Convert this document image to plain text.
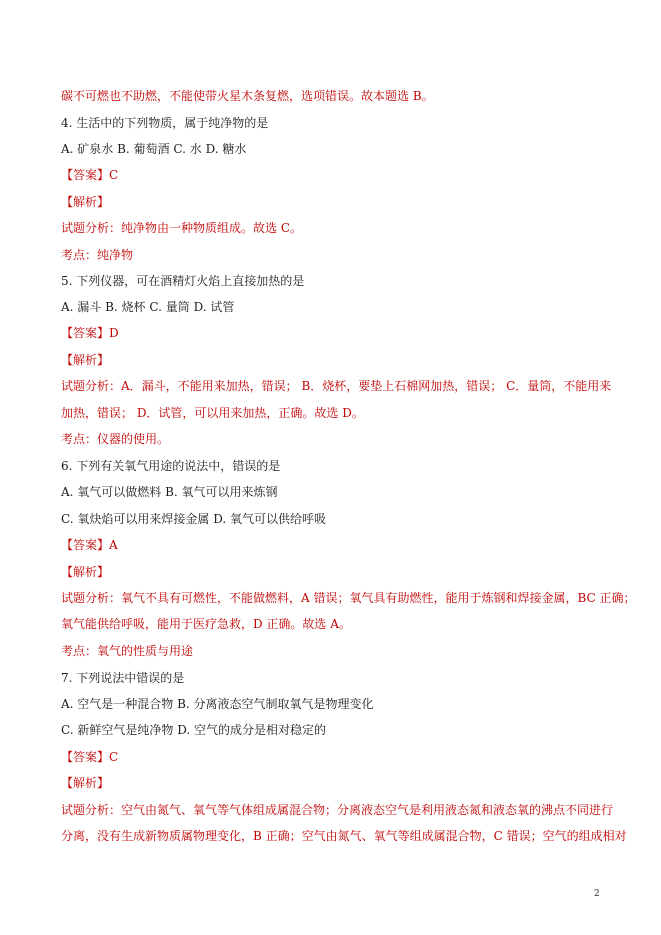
碳不可燃也不助燃，不能使带火星木条复燃，选项错误。故本题选 B。
4. 生活中的下列物质，属于纯净物的是
A. 矿泉水 B. 葡萄酒 C. 水 D. 糖水
【答案】C
【解析】
试题分析：纯净物由一种物质组成。故选 C。
考点：纯净物
5. 下列仪器，可在酒精灯火焰上直接加热的是
A. 漏斗 B. 烧杯 C. 量筒 D. 试管
【答案】D
【解析】
试题分析：A．漏斗，不能用来加热，错误； B．烧杯，要垫上石棉网加热，错误； C．量筒，不能用来
加热，错误； D．试管，可以用来加热，正确。故选 D。
考点：仪器的使用。
6. 下列有关氧气用途的说法中，错误的是
A. 氧气可以做燃料 B. 氧气可以用来炼钢
C. 氧炔焰可以用来焊接金属 D. 氧气可以供给呼吸
【答案】A
【解析】
试题分析：氧气不具有可燃性，不能做燃料，A 错误；氧气具有助燃性，能用于炼钢和焊接金属，BC 正确；
氧气能供给呼吸，能用于医疗急救，D 正确。故选 A。
考点：氧气的性质与用途
7. 下列说法中错误的是
A. 空气是一种混合物 B. 分离液态空气制取氧气是物理变化
C. 新鲜空气是纯净物 D. 空气的成分是相对稳定的
【答案】C
【解析】
试题分析：空气由氮气、氧气等气体组成属混合物；分离液态空气是利用液态氮和液态氧的沸点不同进行
分离，没有生成新物质属物理变化，B 正确；空气由氮气、氧气等组成属混合物，C 错误；空气的组成相对
2
